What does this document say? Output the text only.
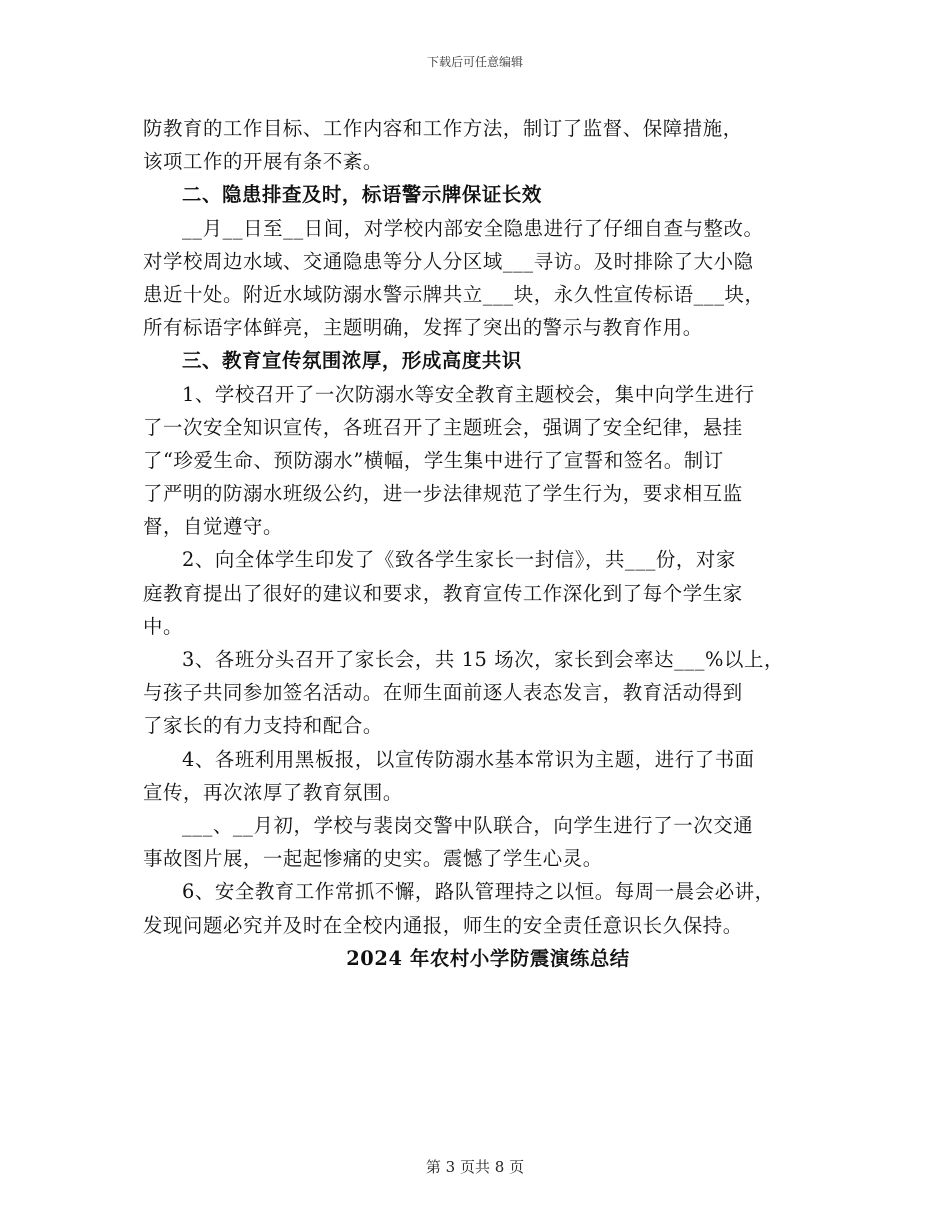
下载后可任意编辑
防教育的工作目标、工作内容和工作方法，制订了监督、保障措施，
该项工作的开展有条不紊。
二、隐患排查及时，标语警示牌保证长效
__月__日至__日间，对学校内部安全隐患进行了仔细自查与整改。
对学校周边水域、交通隐患等分人分区域___寻访。及时排除了大小隐
患近十处。附近水域防溺水警示牌共立___块，永久性宣传标语___块，
所有标语字体鲜亮，主题明确，发挥了突出的警示与教育作用。
三、教育宣传氛围浓厚，形成高度共识
1、学校召开了一次防溺水等安全教育主题校会，集中向学生进行
了一次安全知识宣传，各班召开了主题班会，强调了安全纪律，悬挂
了“珍爱生命、预防溺水”横幅，学生集中进行了宣誓和签名。制订
了严明的防溺水班级公约，进一步法律规范了学生行为，要求相互监
督，自觉遵守。
2、向全体学生印发了《致各学生家长一封信》，共___份，对家
庭教育提出了很好的建议和要求，教育宣传工作深化到了每个学生家
中。
3、各班分头召开了家长会，共 15 场次，家长到会率达___%以上，
与孩子共同参加签名活动。在师生面前逐人表态发言，教育活动得到
了家长的有力支持和配合。
4、各班利用黑板报，以宣传防溺水基本常识为主题，进行了书面
宣传，再次浓厚了教育氛围。
___、__月初，学校与裴岗交警中队联合，向学生进行了一次交通
事故图片展，一起起惨痛的史实。震憾了学生心灵。
6、安全教育工作常抓不懈，路队管理持之以恒。每周一晨会必讲，
发现问题必究并及时在全校内通报，师生的安全责任意识长久保持。
2024 年农村小学防震演练总结
第 3 页共 8 页
